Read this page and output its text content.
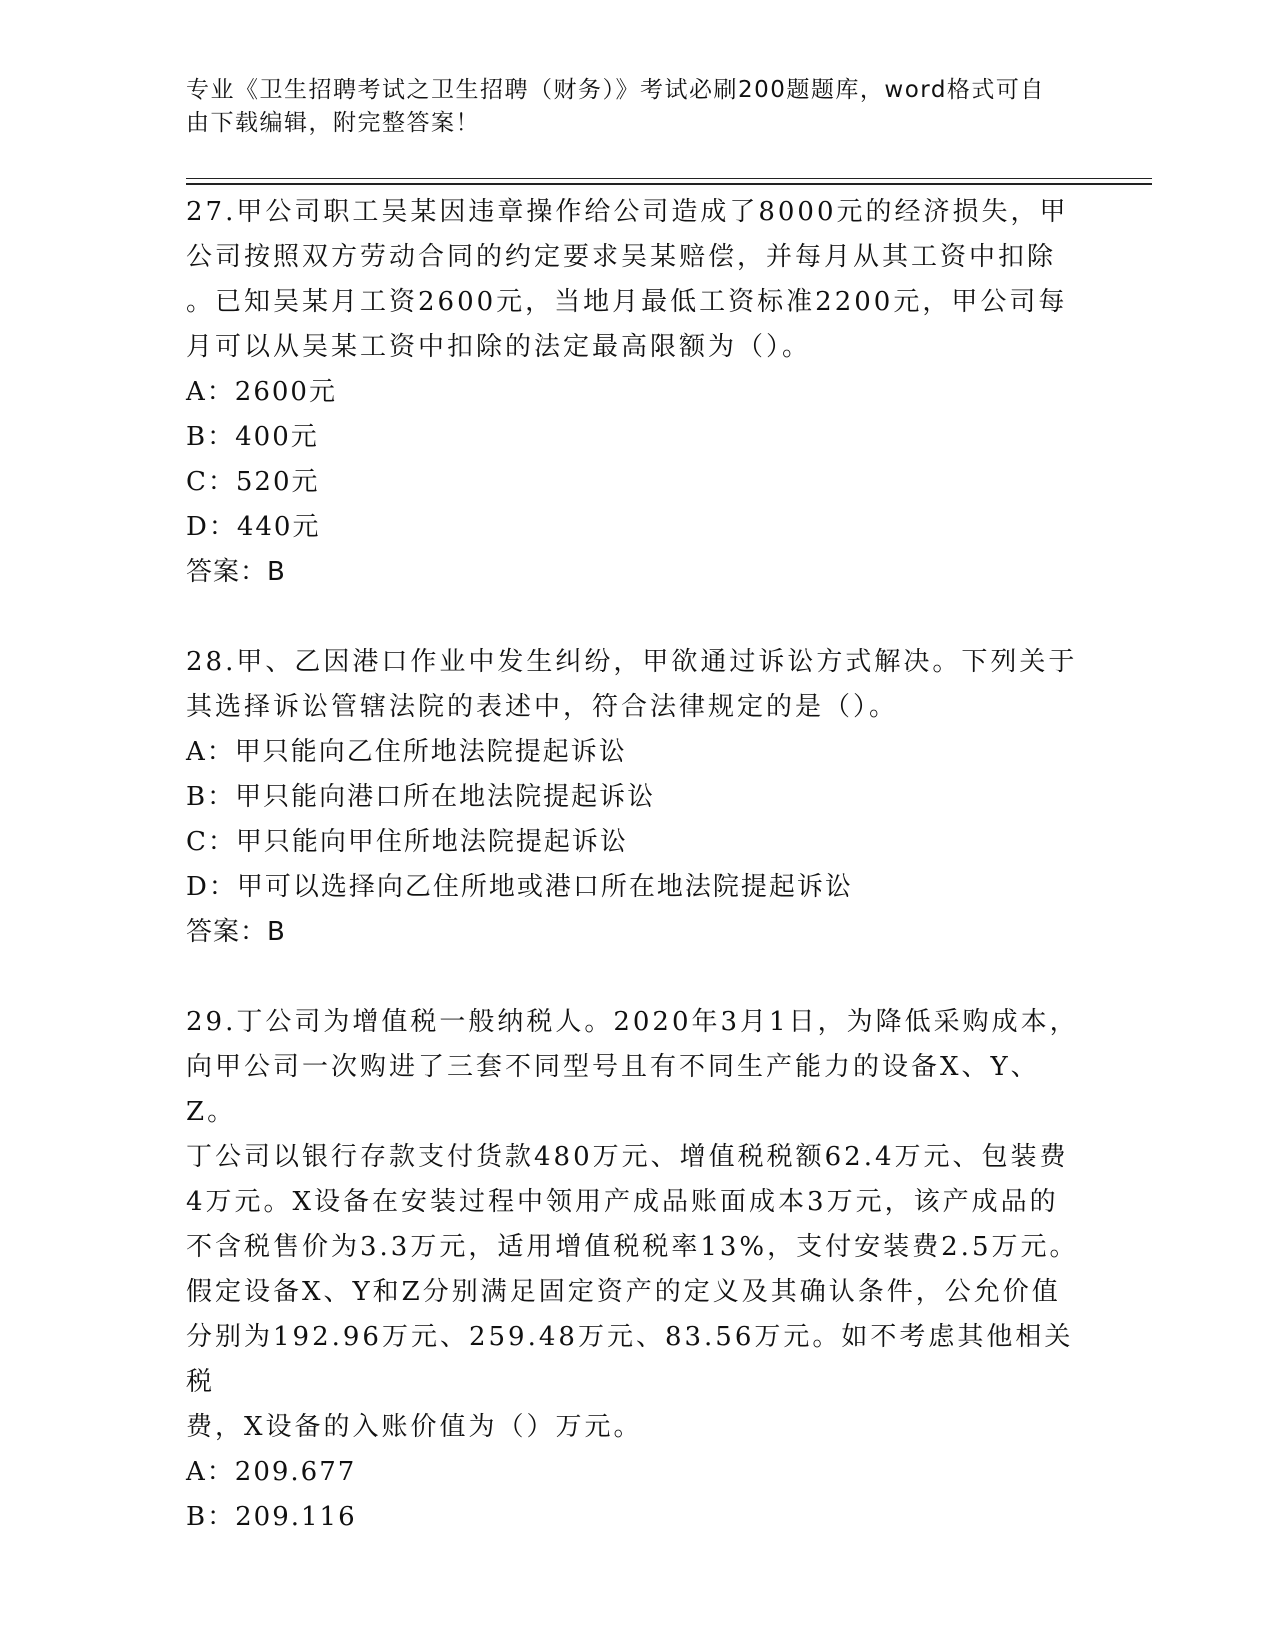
专业《卫生招聘考试之卫生招聘（财务）》考试必刷200题题库，word格式可自
由下载编辑，附完整答案！

27.甲公司职工吴某因违章操作给公司造成了8000元的经济损失，甲

公司按照双方劳动合同的约定要求吴某赔偿，并每月从其工资中扣除

。已知吴某月工资2600元，当地月最低工资标准2200元，甲公司每

月可以从吴某工资中扣除的法定最高限额为（）。

A：2600元

B：400元

C：520元

D：440元

答案：B

28.甲、乙因港口作业中发生纠纷，甲欲通过诉讼方式解决。下列关于

其选择诉讼管辖法院的表述中，符合法律规定的是（）。

A：甲只能向乙住所地法院提起诉讼

B：甲只能向港口所在地法院提起诉讼

C：甲只能向甲住所地法院提起诉讼

D：甲可以选择向乙住所地或港口所在地法院提起诉讼

答案：B

29.丁公司为增值税一般纳税人。2020年3月1日，为降低采购成本，

向甲公司一次购进了三套不同型号且有不同生产能力的设备X、Y、Z。

丁公司以银行存款支付货款480万元、增值税税额62.4万元、包装费

4万元。X设备在安装过程中领用产成品账面成本3万元，该产成品的

不含税售价为3.3万元，适用增值税税率13%，支付安装费2.5万元。

假定设备X、Y和Z分别满足固定资产的定义及其确认条件，公允价值

分别为192.96万元、259.48万元、83.56万元。如不考虑其他相关税

费，X设备的入账价值为（）万元。

A：209.677

B：209.116
